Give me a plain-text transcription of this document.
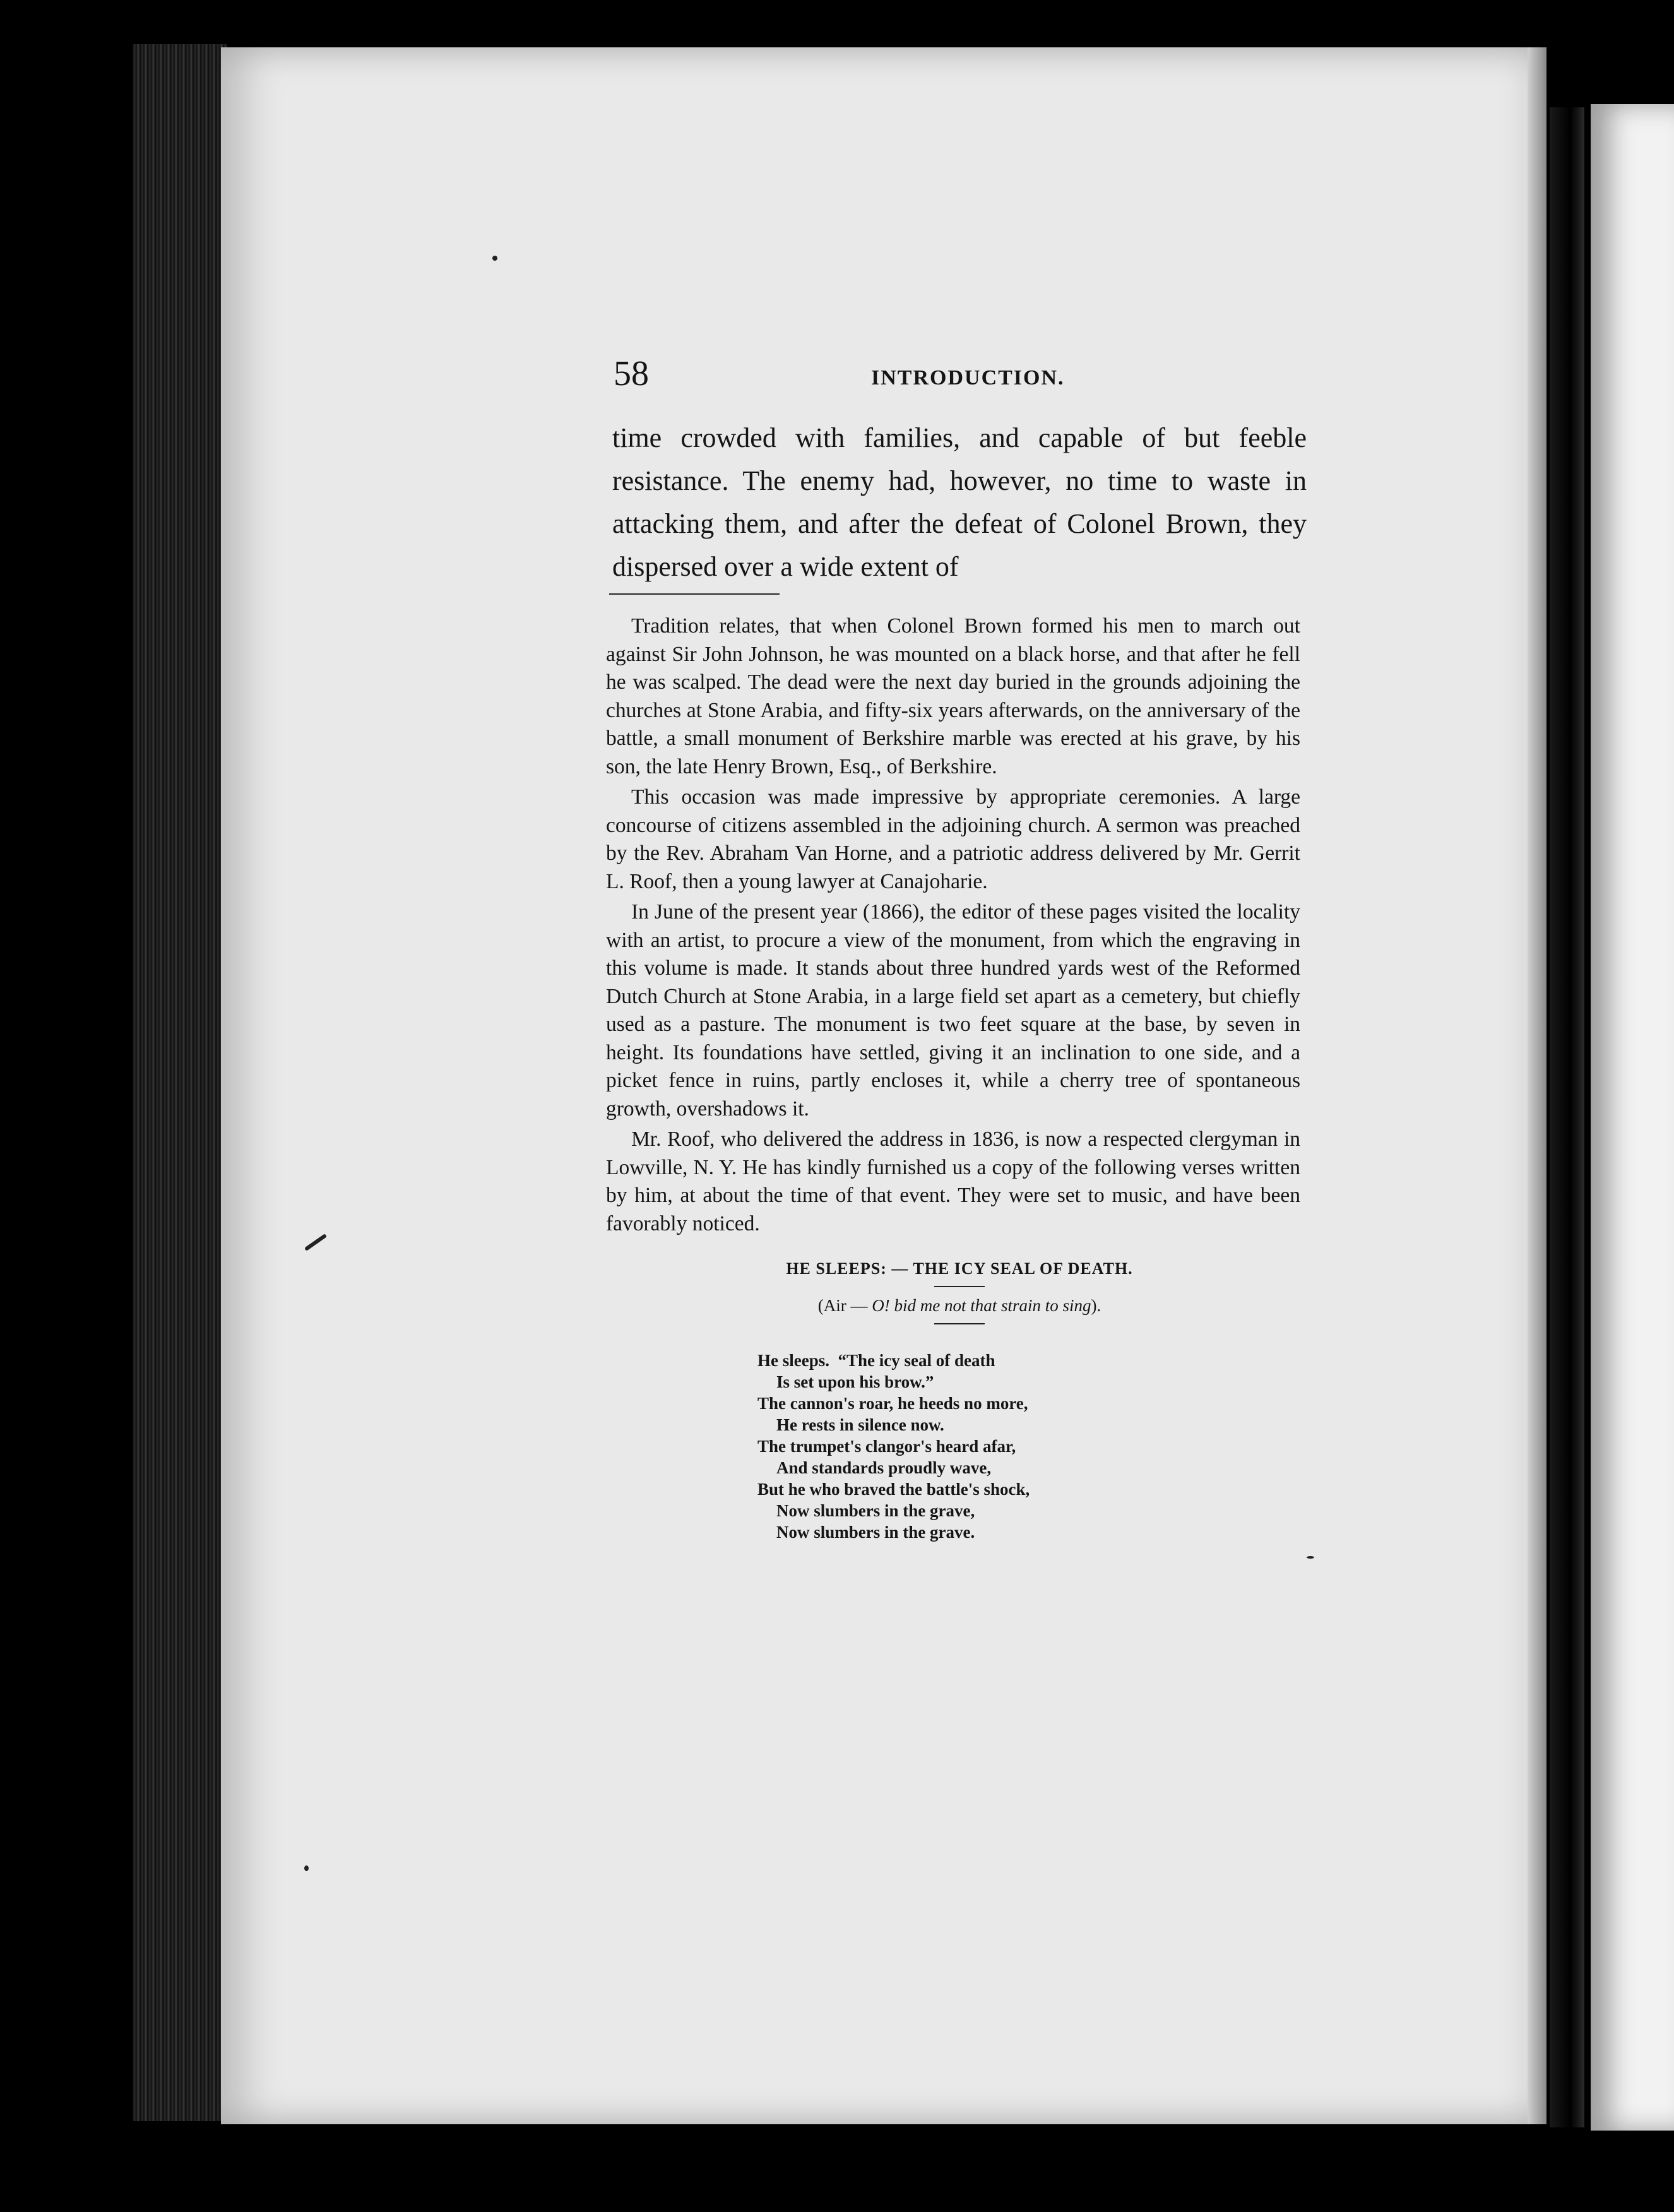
58	INTRODUCTION.

time crowded with families, and capable of but feeble resistance. The enemy had, however, no time to waste in attacking them, and after the defeat of Colonel Brown, they dispersed over a wide extent of

Tradition relates, that when Colonel Brown formed his men to march out against Sir John Johnson, he was mounted on a black horse, and that after he fell he was scalped. The dead were the next day buried in the grounds adjoining the churches at Stone Arabia, and fifty-six years afterwards, on the anniversary of the battle, a small monument of Berkshire marble was erected at his grave, by his son, the late Henry Brown, Esq., of Berkshire.

This occasion was made impressive by appropriate ceremonies. A large concourse of citizens assembled in the adjoining church. A sermon was preached by the Rev. Abraham Van Horne, and a patriotic address delivered by Mr. Gerrit L. Roof, then a young lawyer at Canajoharie.

In June of the present year (1866), the editor of these pages visited the locality with an artist, to procure a view of the monument, from which the engraving in this volume is made. It stands about three hundred yards west of the Reformed Dutch Church at Stone Arabia, in a large field set apart as a cemetery, but chiefly used as a pasture. The monument is two feet square at the base, by seven in height. Its foundations have settled, giving it an inclination to one side, and a picket fence in ruins, partly encloses it, while a cherry tree of spontaneous growth, overshadows it.

Mr. Roof, who delivered the address in 1836, is now a respected clergyman in Lowville, N. Y. He has kindly furnished us a copy of the following verses written by him, at about the time of that event. They were set to music, and have been favorably noticed.

HE SLEEPS: — THE ICY SEAL OF DEATH.
(Air — O! bid me not that strain to sing).
He sleeps.  “The icy seal of death
Is set upon his brow.”
The cannon's roar, he heeds no more,
He rests in silence now.
The trumpet's clangor's heard afar,
And standards proudly wave,
But he who braved the battle's shock,
Now slumbers in the grave,
Now slumbers in the grave.
